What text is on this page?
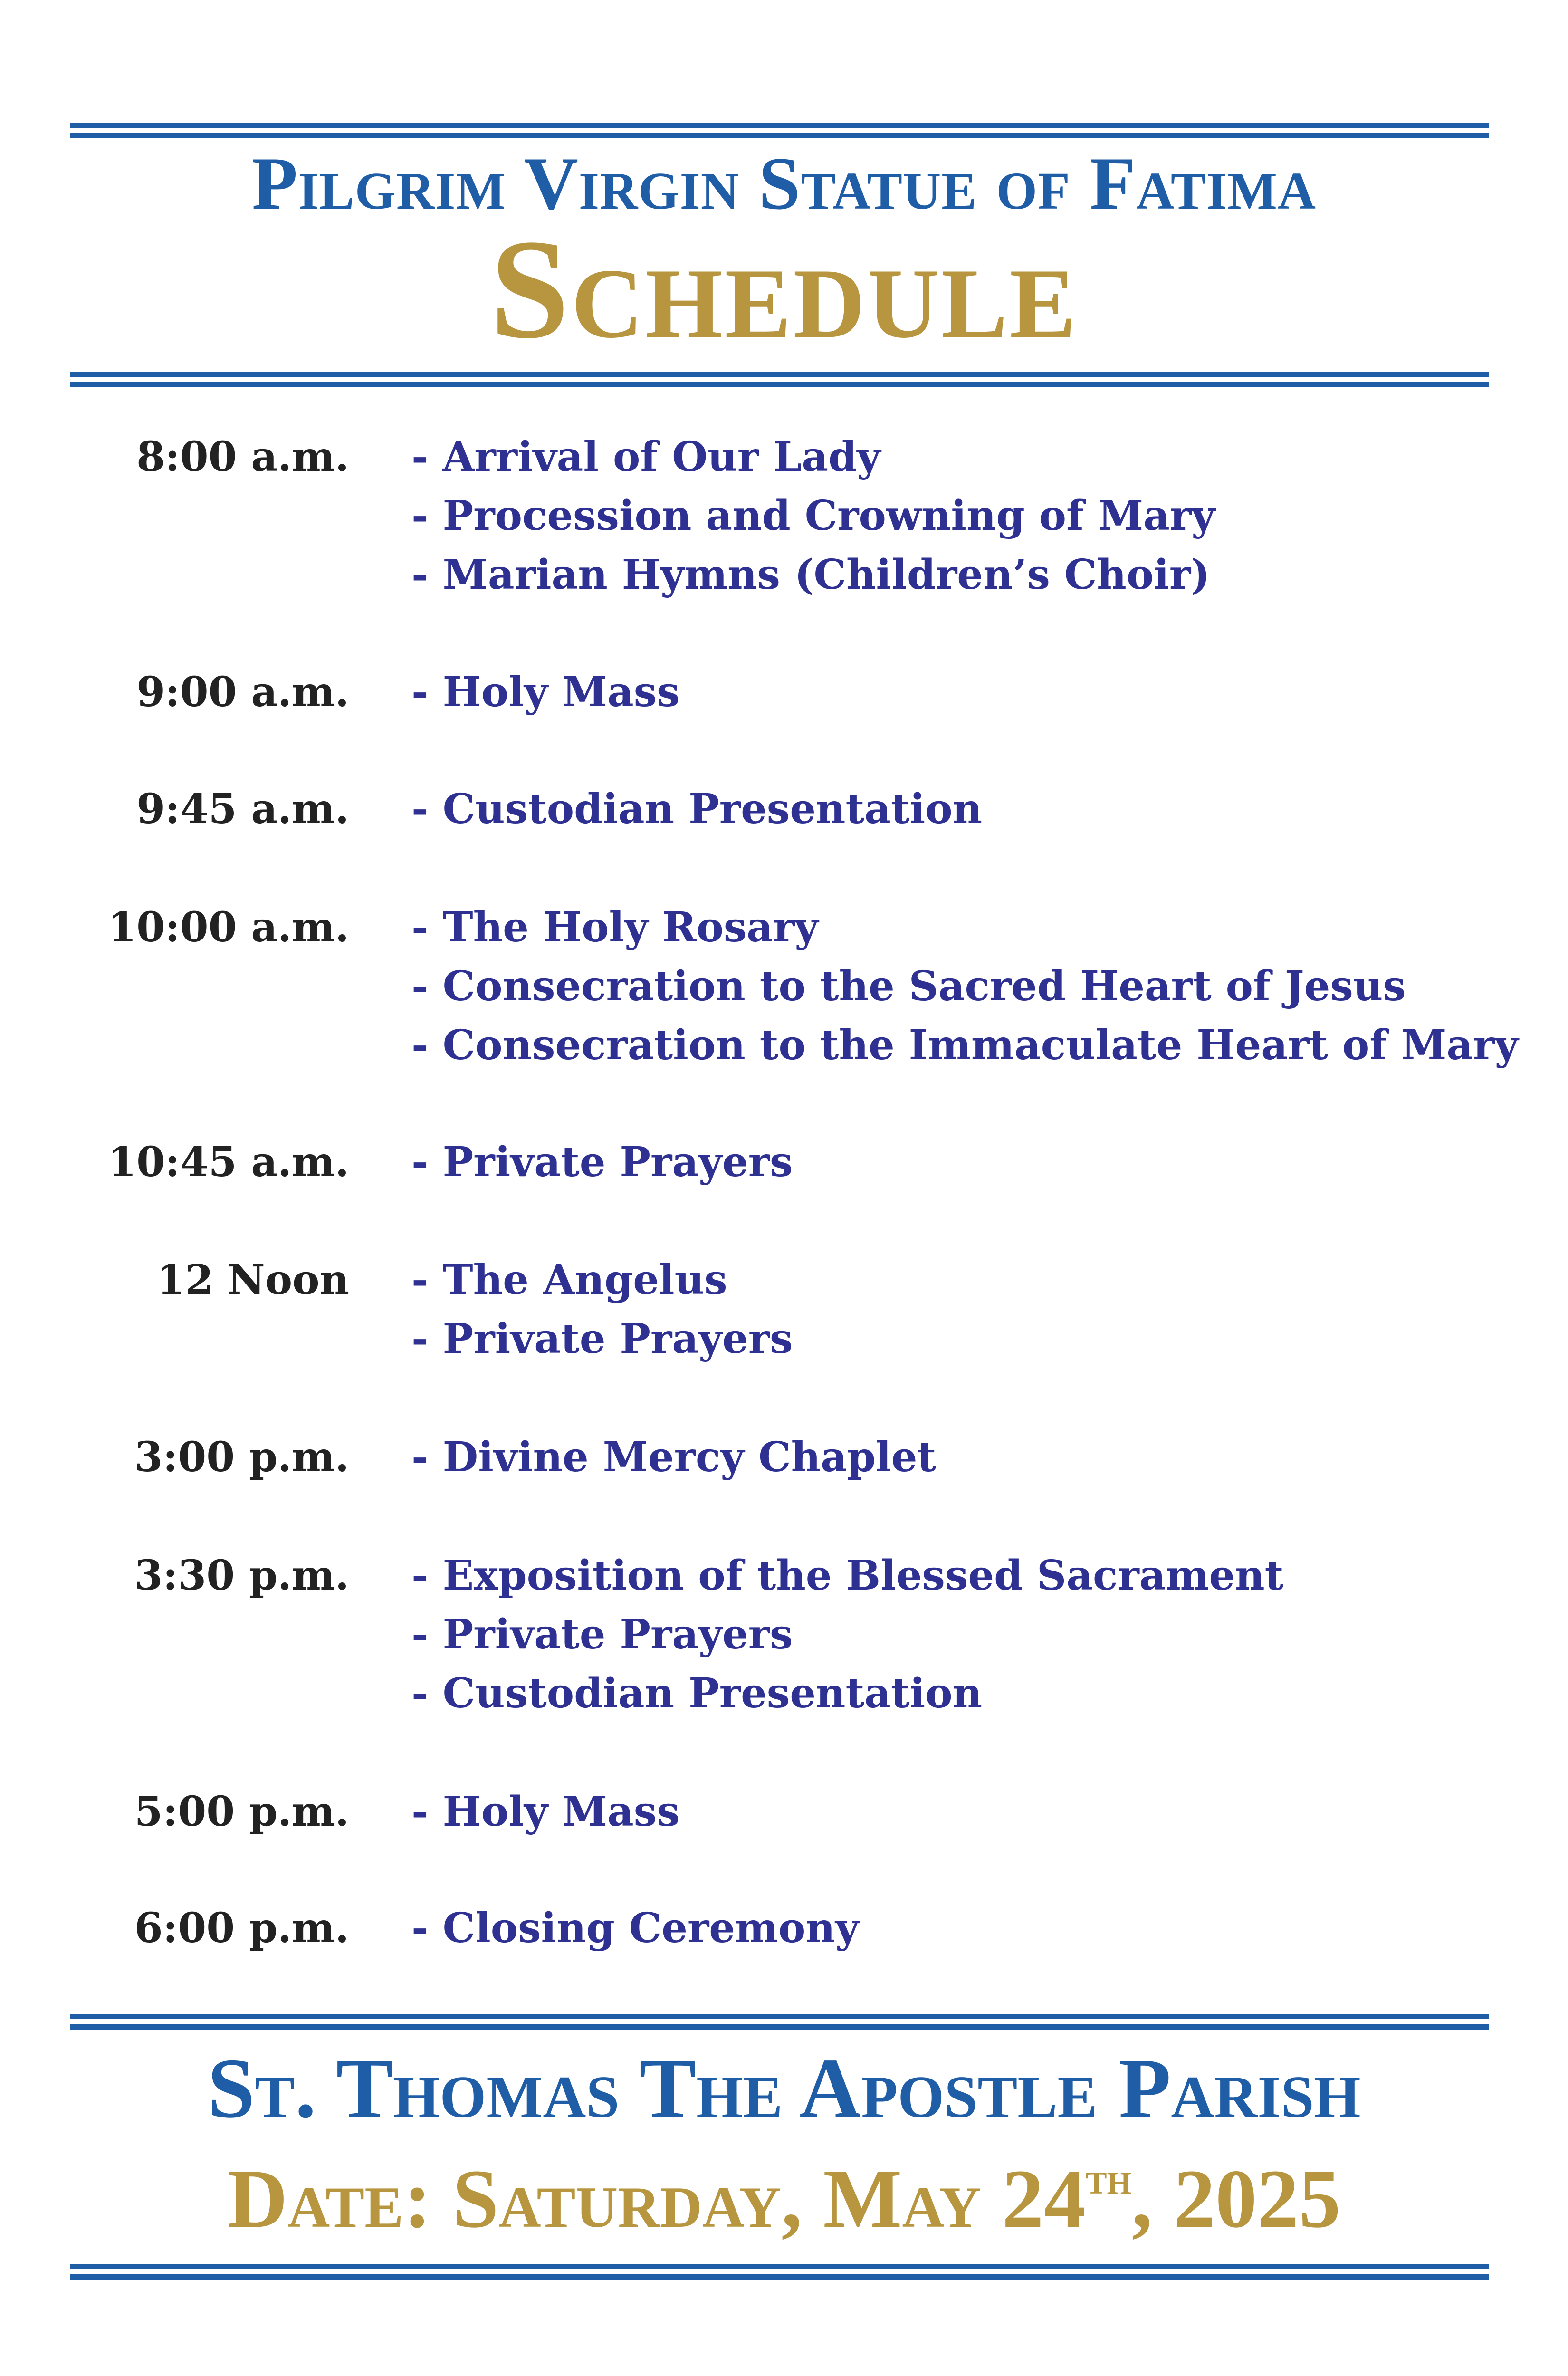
Pilgrim Virgin Statue of Fatima
Schedule
8:00 a.m. - Arrival of Our Lady
- Procession and Crowning of Mary
- Marian Hymns (Children’s Choir)
9:00 a.m. - Holy Mass
9:45 a.m. - Custodian Presentation
10:00 a.m. - The Holy Rosary
- Consecration to the Sacred Heart of Jesus
- Consecration to the Immaculate Heart of Mary
10:45 a.m. - Private Prayers
12 Noon - The Angelus
- Private Prayers
3:00 p.m. - Divine Mercy Chaplet
3:30 p.m. - Exposition of the Blessed Sacrament
- Private Prayers
- Custodian Presentation
5:00 p.m. - Holy Mass
6:00 p.m. - Closing Ceremony
St. Thomas The Apostle Parish
Date: Saturday, May 24th, 2025
